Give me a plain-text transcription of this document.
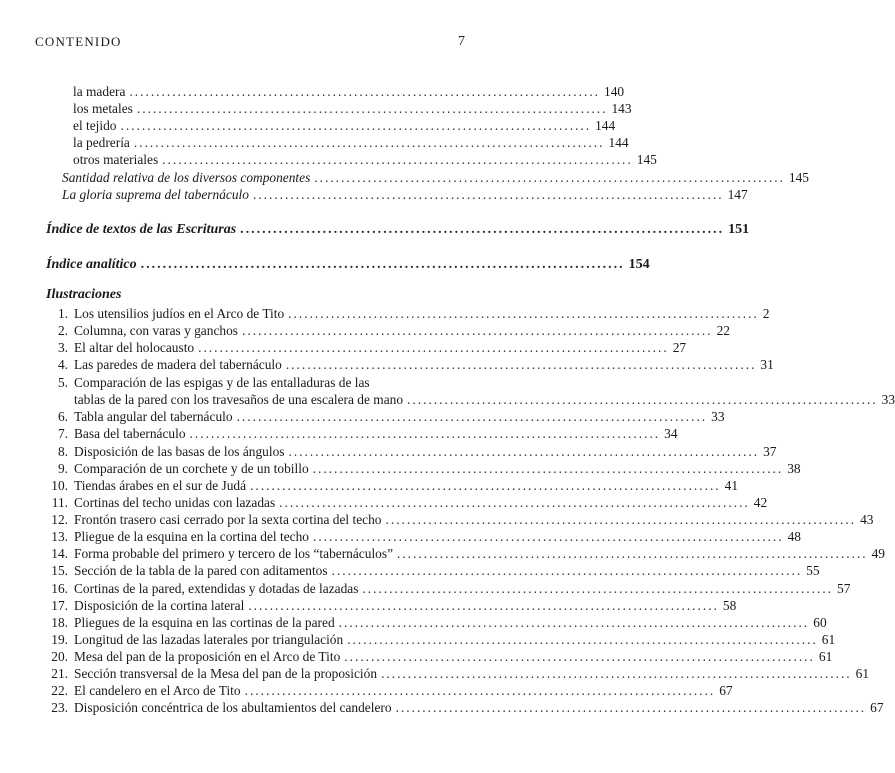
CONTENIDO	7
la madera ........................................................................................ 140
los metales ........................................................................................ 143
el tejido ........................................................................................ 144
la pedrería ........................................................................................ 144
otros materiales ........................................................................................ 145
Santidad relativa de los diversos componentes ........................................................................................ 145
La gloria suprema del tabernáculo ........................................................................................ 147
Índice de textos de las Escrituras ........................................................................................ 151
Índice analítico ........................................................................................ 154
Ilustraciones
1. Los utensilios judíos en el Arco de Tito ........................................................................................ 2
2. Columna, con varas y ganchos ........................................................................................ 22
3. El altar del holocausto ........................................................................................ 27
4. Las paredes de madera del tabernáculo ........................................................................................ 31
5. Comparación de las espigas y de las entalladuras de las
tablas de la pared con los travesaños de una escalera de mano ........................................................................................ 33
6. Tabla angular del tabernáculo ........................................................................................ 33
7. Basa del tabernáculo ........................................................................................ 34
8. Disposición de las basas de los ángulos ........................................................................................ 37
9. Comparación de un corchete y de un tobillo ........................................................................................ 38
10. Tiendas árabes en el sur de Judá ........................................................................................ 41
11. Cortinas del techo unidas con lazadas ........................................................................................ 42
12. Frontón trasero casi cerrado por la sexta cortina del techo ........................................................................................ 43
13. Pliegue de la esquina en la cortina del techo ........................................................................................ 48
14. Forma probable del primero y tercero de los “tabernáculos” ........................................................................................ 49
15. Sección de la tabla de la pared con aditamentos ........................................................................................ 55
16. Cortinas de la pared, extendidas y dotadas de lazadas ........................................................................................ 57
17. Disposición de la cortina lateral ........................................................................................ 58
18. Pliegues de la esquina en las cortinas de la pared ........................................................................................ 60
19. Longitud de las lazadas laterales por triangulación ........................................................................................ 61
20. Mesa del pan de la proposición en el Arco de Tito ........................................................................................ 61
21. Sección transversal de la Mesa del pan de la proposición ........................................................................................ 61
22. El candelero en el Arco de Tito ........................................................................................ 67
23. Disposición concéntrica de los abultamientos del candelero ........................................................................................ 67
